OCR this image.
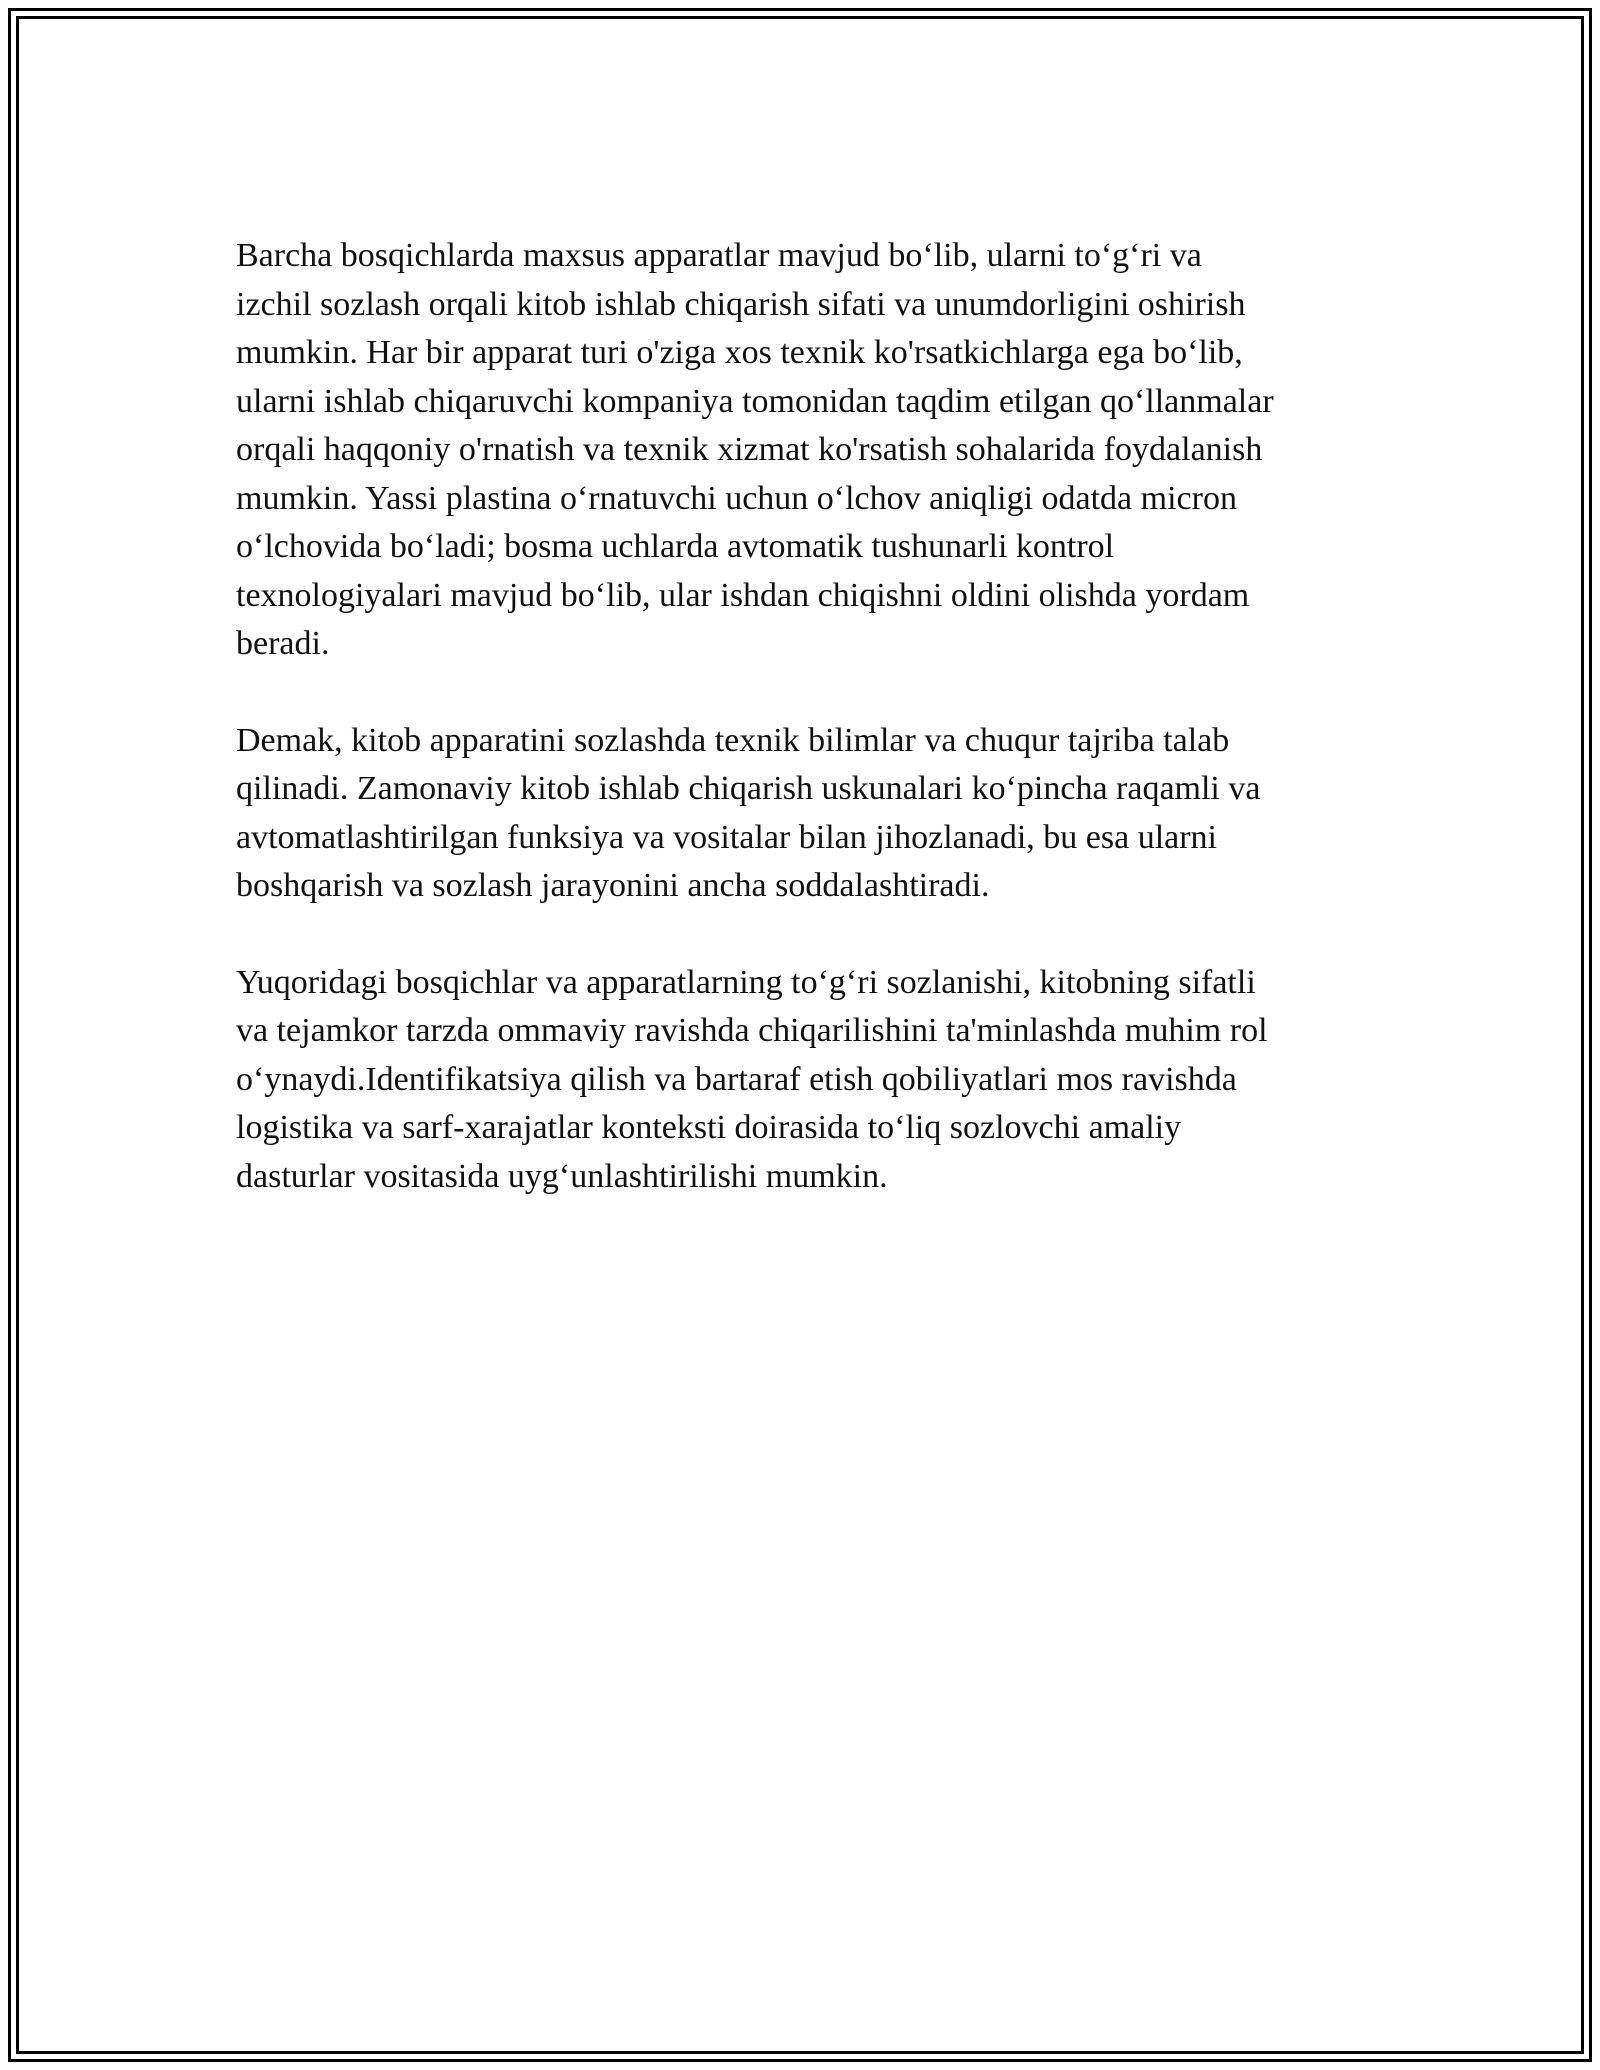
Barcha bosqichlarda maxsus apparatlar mavjud bo‘lib, ularni to‘g‘ri va
izchil sozlash orqali kitob ishlab chiqarish sifati va unumdorligini oshirish
mumkin. Har bir apparat turi o'ziga xos texnik ko'rsatkichlarga ega bo‘lib,
ularni ishlab chiqaruvchi kompaniya tomonidan taqdim etilgan qo‘llanmalar
orqali haqqoniy o'rnatish va texnik xizmat ko'rsatish sohalarida foydalanish
mumkin. Yassi plastina o‘rnatuvchi uchun o‘lchov aniqligi odatda micron
o‘lchovida bo‘ladi; bosma uchlarda avtomatik tushunarli kontrol
texnologiyalari mavjud bo‘lib, ular ishdan chiqishni oldini olishda yordam
beradi.

Demak, kitob apparatini sozlashda texnik bilimlar va chuqur tajriba talab
qilinadi. Zamonaviy kitob ishlab chiqarish uskunalari ko‘pincha raqamli va
avtomatlashtirilgan funksiya va vositalar bilan jihozlanadi, bu esa ularni
boshqarish va sozlash jarayonini ancha soddalashtiradi.

Yuqoridagi bosqichlar va apparatlarning to‘g‘ri sozlanishi, kitobning sifatli
va tejamkor tarzda ommaviy ravishda chiqarilishini ta'minlashda muhim rol
o‘ynaydi.Identifikatsiya qilish va bartaraf etish qobiliyatlari mos ravishda
logistika va sarf-xarajatlar konteksti doirasida to‘liq sozlovchi amaliy
dasturlar vositasida uyg‘unlashtirilishi mumkin.
